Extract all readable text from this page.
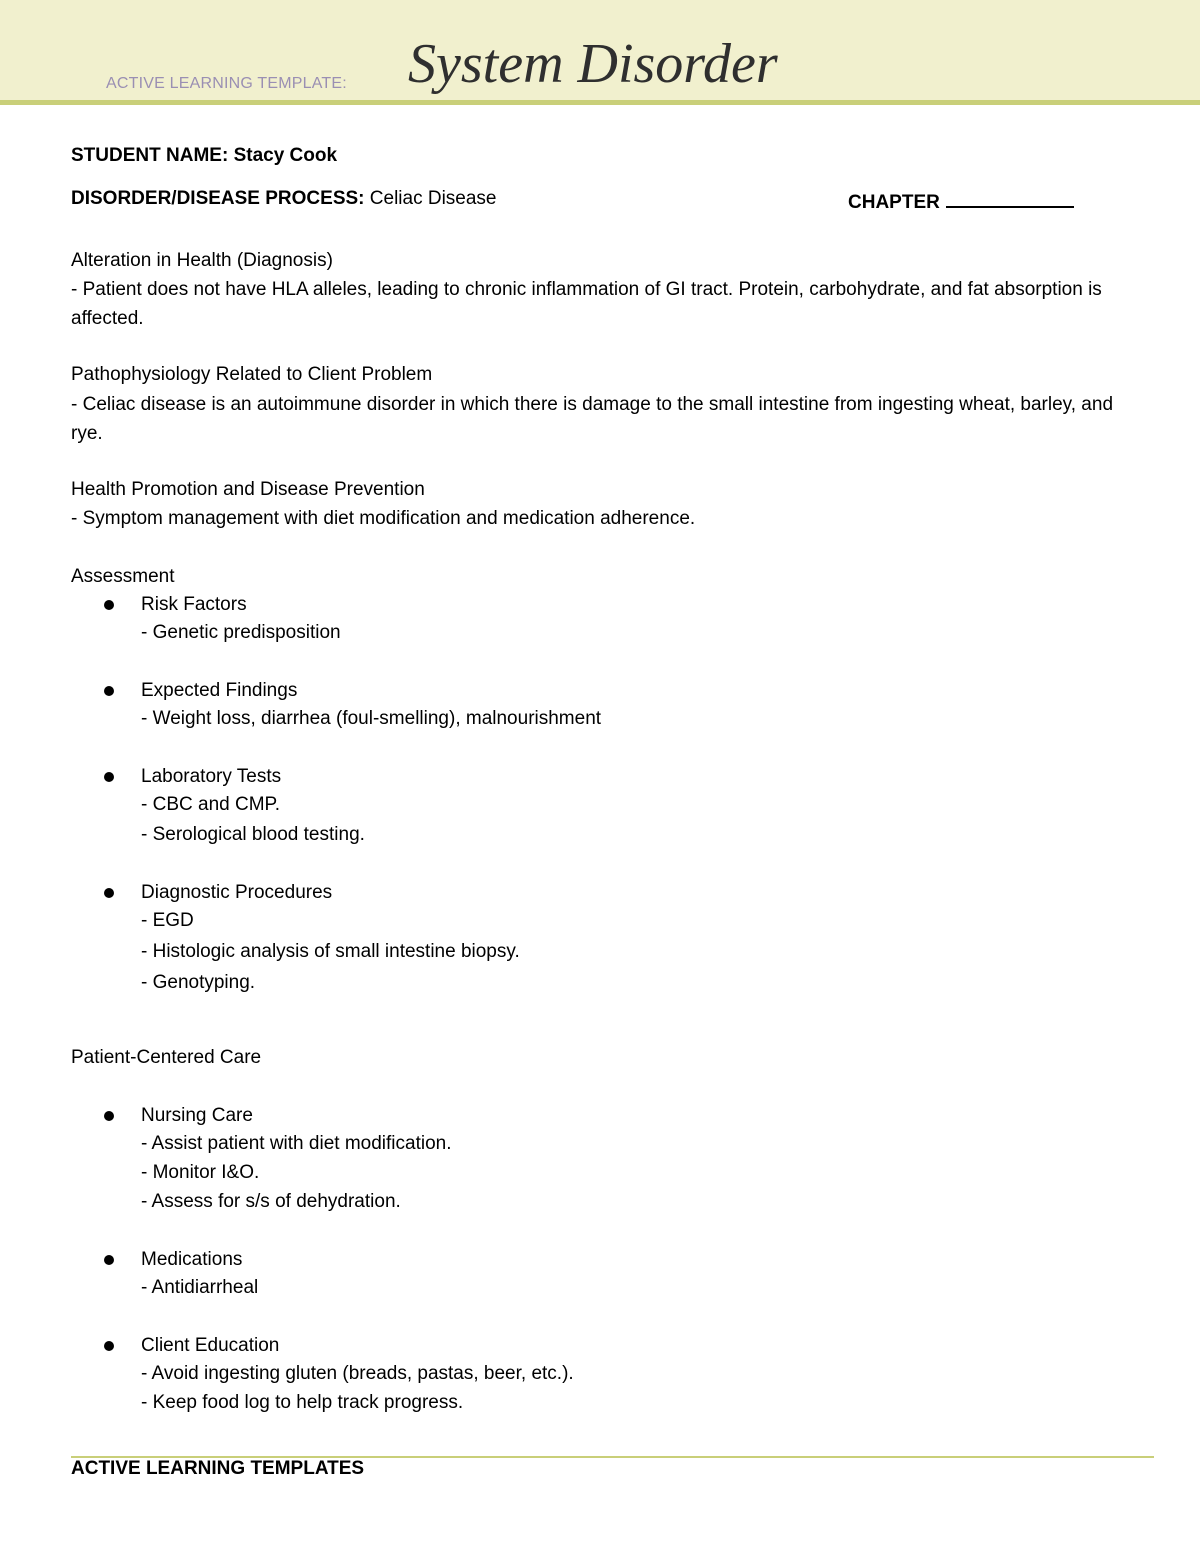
ACTIVE LEARNING TEMPLATE: System Disorder
STUDENT NAME: Stacy Cook
DISORDER/DISEASE PROCESS: Celiac Disease	CHAPTER
Alteration in Health (Diagnosis)
- Patient does not have HLA alleles, leading to chronic inflammation of GI tract. Protein, carbohydrate, and fat absorption is affected.
Pathophysiology Related to Client Problem
- Celiac disease is an autoimmune disorder in which there is damage to the small intestine from ingesting wheat, barley, and rye.
Health Promotion and Disease Prevention
- Symptom management with diet modification and medication adherence.
Assessment
Risk Factors
- Genetic predisposition
Expected Findings
- Weight loss, diarrhea (foul-smelling), malnourishment
Laboratory Tests
- CBC and CMP.
- Serological blood testing.
Diagnostic Procedures
- EGD
- Histologic analysis of small intestine biopsy.
- Genotyping.
Patient-Centered Care
Nursing Care
- Assist patient with diet modification.
- Monitor I&O.
- Assess for s/s of dehydration.
Medications
- Antidiarrheal
Client Education
- Avoid ingesting gluten (breads, pastas, beer, etc.).
- Keep food log to help track progress.
ACTIVE LEARNING TEMPLATES
